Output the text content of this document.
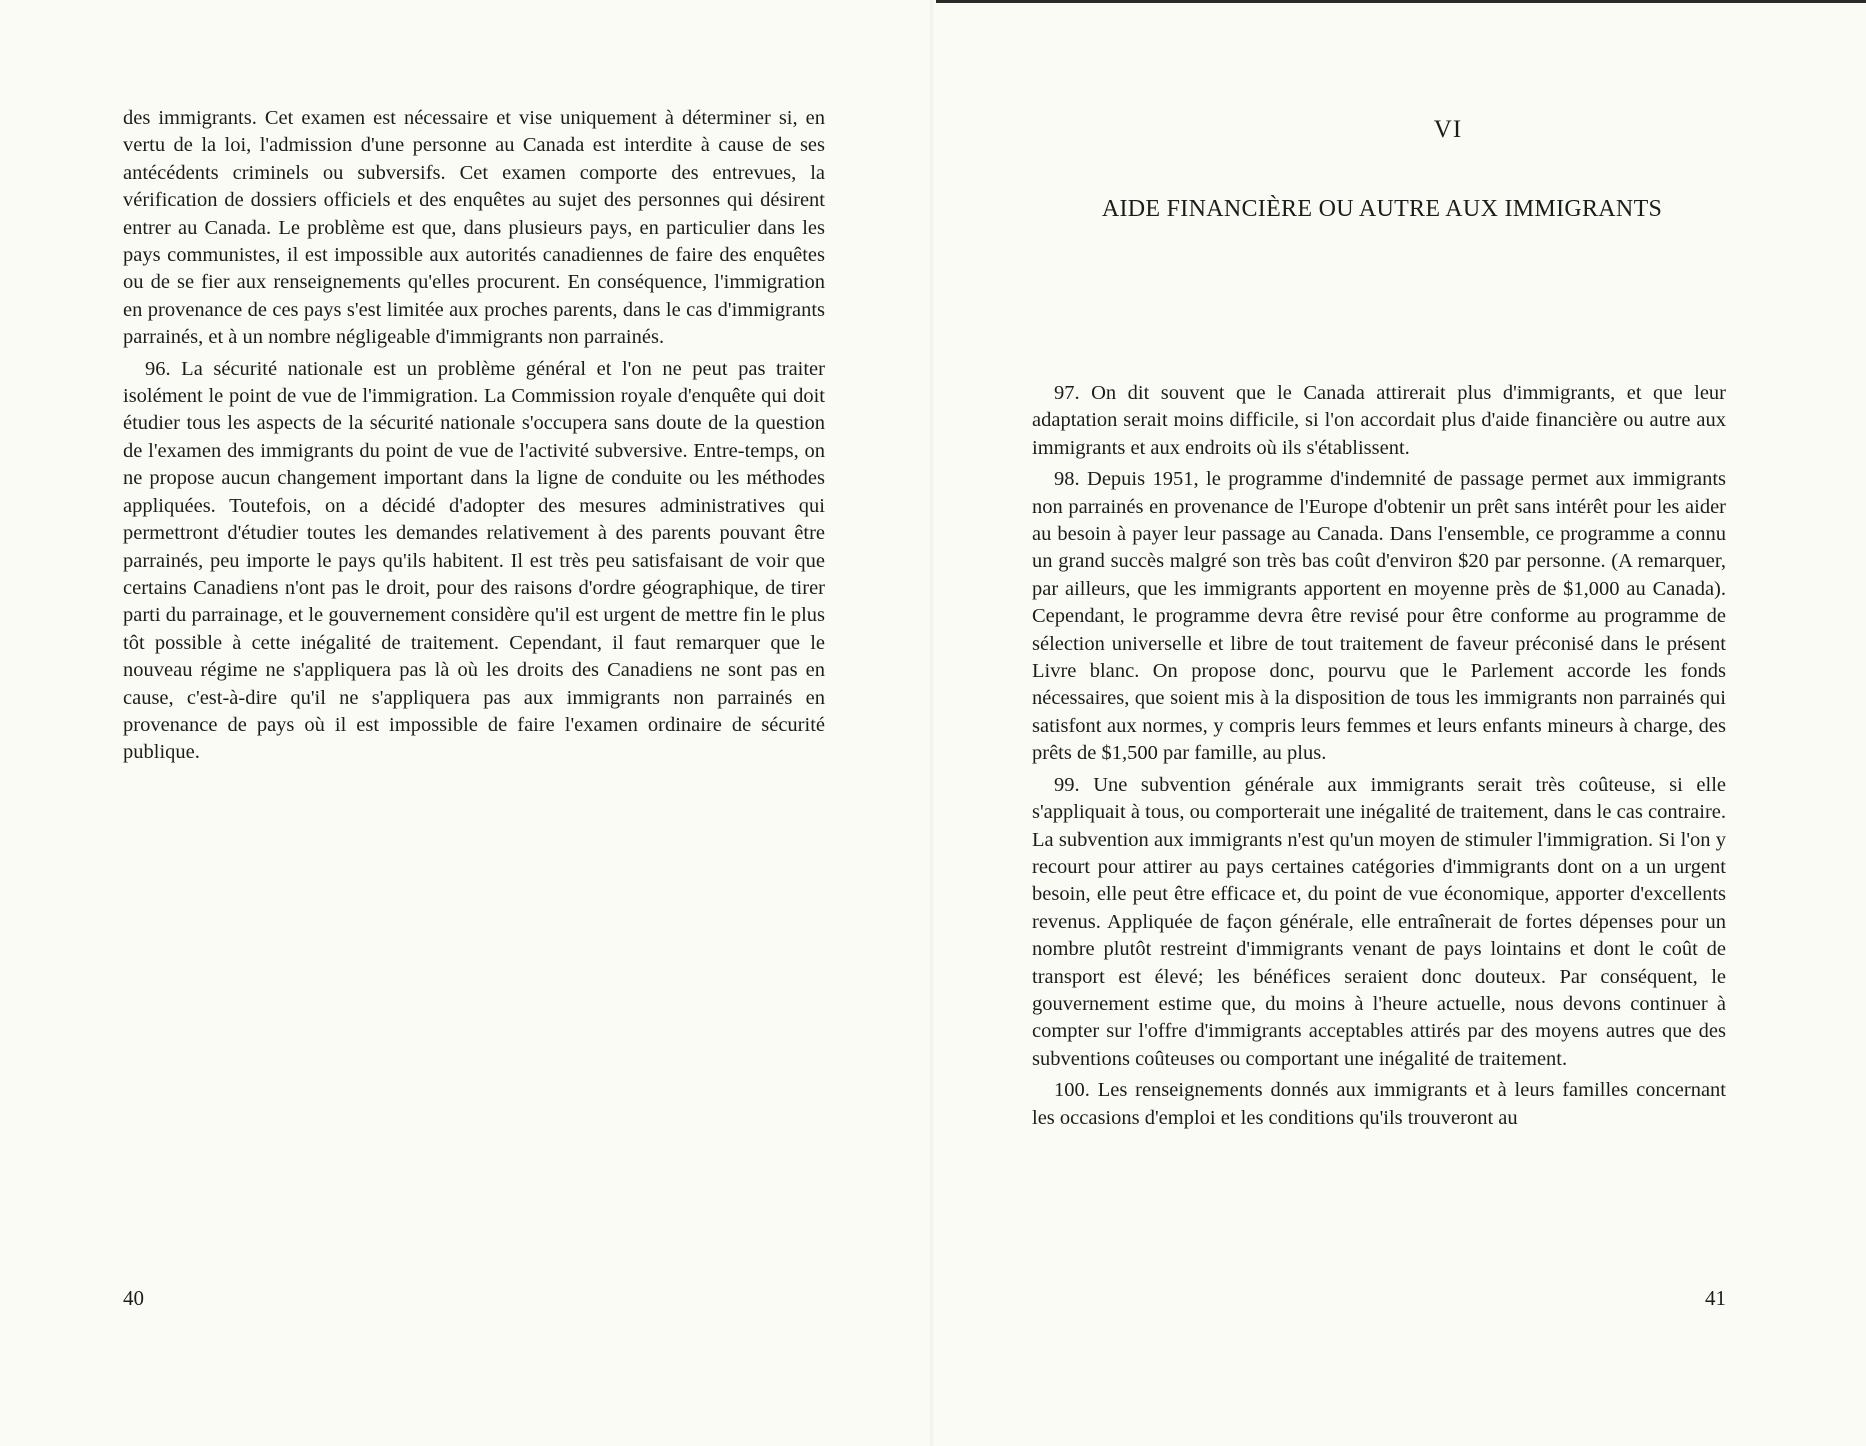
des immigrants. Cet examen est nécessaire et vise uniquement à déterminer si, en vertu de la loi, l'admission d'une personne au Canada est interdite à cause de ses antécédents criminels ou subversifs. Cet examen comporte des entrevues, la vérification de dossiers officiels et des enquêtes au sujet des personnes qui désirent entrer au Canada. Le problème est que, dans plusieurs pays, en particulier dans les pays communistes, il est impossible aux autorités canadiennes de faire des enquêtes ou de se fier aux renseignements qu'elles procurent. En conséquence, l'immigration en provenance de ces pays s'est limitée aux proches parents, dans le cas d'immigrants parrainés, et à un nombre négligeable d'immigrants non parrainés.

96. La sécurité nationale est un problème général et l'on ne peut pas traiter isolément le point de vue de l'immigration. La Commission royale d'enquête qui doit étudier tous les aspects de la sécurité nationale s'occupera sans doute de la question de l'examen des immigrants du point de vue de l'activité subversive. Entre-temps, on ne propose aucun changement important dans la ligne de conduite ou les méthodes appliquées. Toutefois, on a décidé d'adopter des mesures administratives qui permettront d'étudier toutes les demandes relativement à des parents pouvant être parrainés, peu importe le pays qu'ils habitent. Il est très peu satisfaisant de voir que certains Canadiens n'ont pas le droit, pour des raisons d'ordre géographique, de tirer parti du parrainage, et le gouvernement considère qu'il est urgent de mettre fin le plus tôt possible à cette inégalité de traitement. Cependant, il faut remarquer que le nouveau régime ne s'appliquera pas là où les droits des Canadiens ne sont pas en cause, c'est-à-dire qu'il ne s'appliquera pas aux immigrants non parrainés en provenance de pays où il est impossible de faire l'examen ordinaire de sécurité publique.

40
VI
AIDE FINANCIÈRE OU AUTRE AUX IMMIGRANTS

97. On dit souvent que le Canada attirerait plus d'immigrants, et que leur adaptation serait moins difficile, si l'on accordait plus d'aide financière ou autre aux immigrants et aux endroits où ils s'établissent.

98. Depuis 1951, le programme d'indemnité de passage permet aux immigrants non parrainés en provenance de l'Europe d'obtenir un prêt sans intérêt pour les aider au besoin à payer leur passage au Canada. Dans l'ensemble, ce programme a connu un grand succès malgré son très bas coût d'environ $20 par personne. (A remarquer, par ailleurs, que les immigrants apportent en moyenne près de $1,000 au Canada). Cependant, le programme devra être revisé pour être conforme au programme de sélection universelle et libre de tout traitement de faveur préconisé dans le présent Livre blanc. On propose donc, pourvu que le Parlement accorde les fonds nécessaires, que soient mis à la disposition de tous les immigrants non parrainés qui satisfont aux normes, y compris leurs femmes et leurs enfants mineurs à charge, des prêts de $1,500 par famille, au plus.

99. Une subvention générale aux immigrants serait très coûteuse, si elle s'appliquait à tous, ou comporterait une inégalité de traitement, dans le cas contraire. La subvention aux immigrants n'est qu'un moyen de stimuler l'immigration. Si l'on y recourt pour attirer au pays certaines catégories d'immigrants dont on a un urgent besoin, elle peut être efficace et, du point de vue économique, apporter d'excellents revenus. Appliquée de façon générale, elle entraînerait de fortes dépenses pour un nombre plutôt restreint d'immigrants venant de pays lointains et dont le coût de transport est élevé; les bénéfices seraient donc douteux. Par conséquent, le gouvernement estime que, du moins à l'heure actuelle, nous devons continuer à compter sur l'offre d'immigrants acceptables attirés par des moyens autres que des subventions coûteuses ou comportant une inégalité de traitement.

100. Les renseignements donnés aux immigrants et à leurs familles concernant les occasions d'emploi et les conditions qu'ils trouveront au

41
